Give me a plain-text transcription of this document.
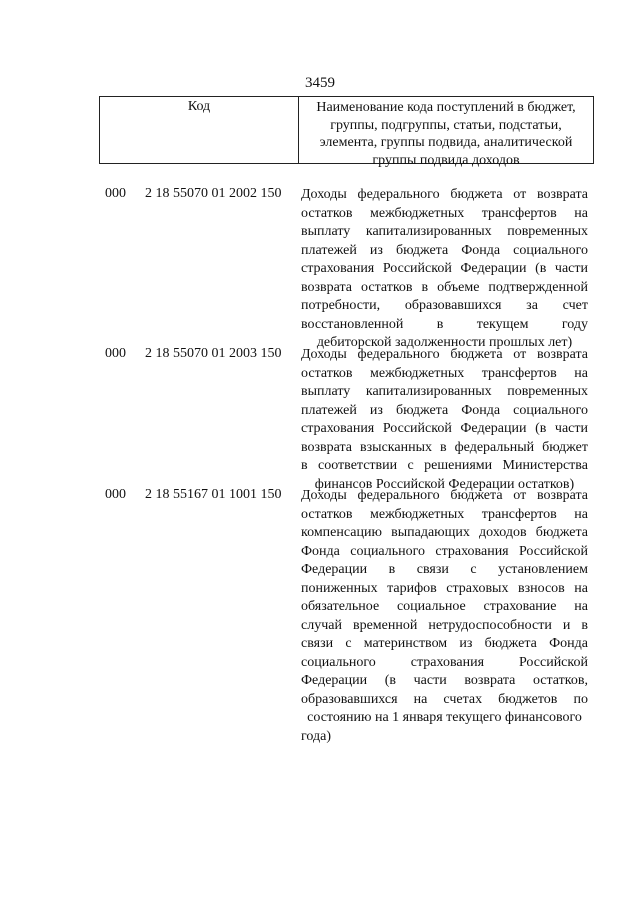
3459
Код	Наименование кода поступлений в бюджет,
группы, подгруппы, статьи, подстатьи,
элемента, группы подвида, аналитической
группы подвида доходов
000 2 18 55070 01 2002 150 Доходы федерального бюджета от возврата
остатков межбюджетных трансфертов на
выплату капитализированных повременных
платежей из бюджета Фонда социального
страхования Российской Федерации (в части
возврата остатков в объеме подтвержденной
потребности, образовавшихся за счет
восстановленной в текущем году
дебиторской задолженности прошлых лет)
000 2 18 55070 01 2003 150 Доходы федерального бюджета от возврата
остатков межбюджетных трансфертов на
выплату капитализированных повременных
платежей из бюджета Фонда социального
страхования Российской Федерации (в части
возврата взысканных в федеральный бюджет
в соответствии с решениями Министерства
финансов Российской Федерации остатков)
000 2 18 55167 01 1001 150 Доходы федерального бюджета от возврата
остатков межбюджетных трансфертов на
компенсацию выпадающих доходов бюджета
Фонда социального страхования Российской
Федерации в связи с установлением
пониженных тарифов страховых взносов на
обязательное социальное страхование на
случай временной нетрудоспособности и в
связи с материнством из бюджета Фонда
социального страхования Российской
Федерации (в части возврата остатков,
образовавшихся на счетах бюджетов по
состоянию на 1 января текущего финансового
года)
